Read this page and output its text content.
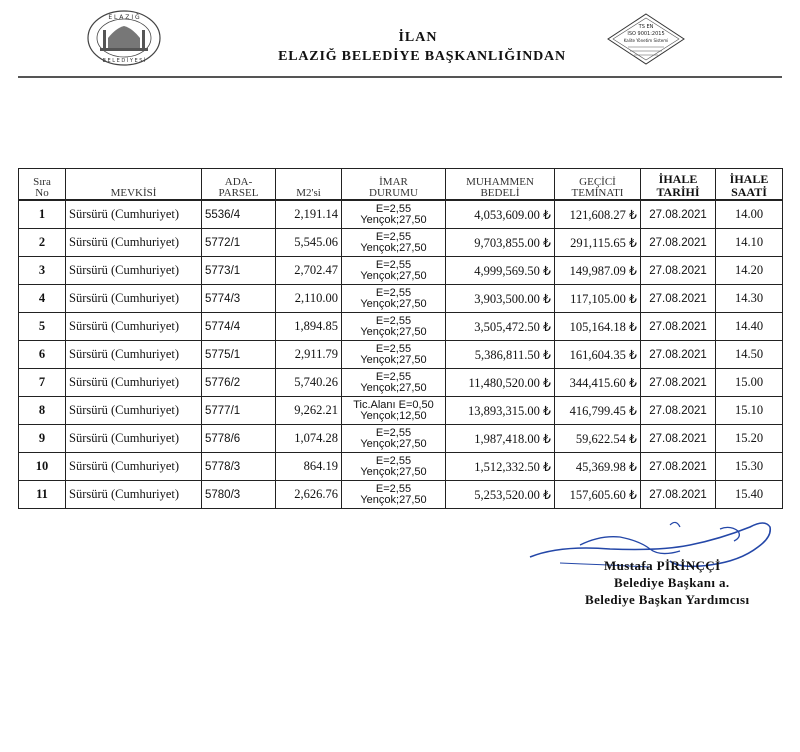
E L A Z I Ğ
B E L E D İ Y E S İ
İLAN
ELAZIĞ BELEDİYE BAŞKANLIĞINDAN
TS EN
ISO 9001:2015
Kalite Yönetim Sistemi
Sıra
No	MEVKİSİ	ADA-
PARSEL	M2'si	İMAR
DURUMU	MUHAMMEN
BEDELİ	GEÇİCİ
TEMİNATI	İHALE
TARİHİ	İHALE
SAATİ

1	Sürsürü (Cumhuriyet)	5536/4	2,191.14	E=2,55
Yençok;27,50	4,053,609.00 ₺	121,608.27 ₺	27.08.2021	14.00
2	Sürsürü (Cumhuriyet)	5772/1	5,545.06	E=2,55
Yençok;27,50	9,703,855.00 ₺	291,115.65 ₺	27.08.2021	14.10
3	Sürsürü (Cumhuriyet)	5773/1	2,702.47	E=2,55
Yençok;27,50	4,999,569.50 ₺	149,987.09 ₺	27.08.2021	14.20
4	Sürsürü (Cumhuriyet)	5774/3	2,110.00	E=2,55
Yençok;27,50	3,903,500.00 ₺	117,105.00 ₺	27.08.2021	14.30
5	Sürsürü (Cumhuriyet)	5774/4	1,894.85	E=2,55
Yençok;27,50	3,505,472.50 ₺	105,164.18 ₺	27.08.2021	14.40
6	Sürsürü (Cumhuriyet)	5775/1	2,911.79	E=2,55
Yençok;27,50	5,386,811.50 ₺	161,604.35 ₺	27.08.2021	14.50
7	Sürsürü (Cumhuriyet)	5776/2	5,740.26	E=2,55
Yençok;27,50	11,480,520.00 ₺	344,415.60 ₺	27.08.2021	15.00
8	Sürsürü (Cumhuriyet)	5777/1	9,262.21	Tic.Alanı E=0,50
Yençok;12,50	13,893,315.00 ₺	416,799.45 ₺	27.08.2021	15.10
9	Sürsürü (Cumhuriyet)	5778/6	1,074.28	E=2,55
Yençok;27,50	1,987,418.00 ₺	59,622.54 ₺	27.08.2021	15.20
10	Sürsürü (Cumhuriyet)	5778/3	864.19	E=2,55
Yençok;27,50	1,512,332.50 ₺	45,369.98 ₺	27.08.2021	15.30
11	Sürsürü (Cumhuriyet)	5780/3	2,626.76	E=2,55
Yençok;27,50	5,253,520.00 ₺	157,605.60 ₺	27.08.2021	15.40
Mustafa PİRİNÇÇİ
Belediye Başkanı a.
Belediye Başkan Yardımcısı
